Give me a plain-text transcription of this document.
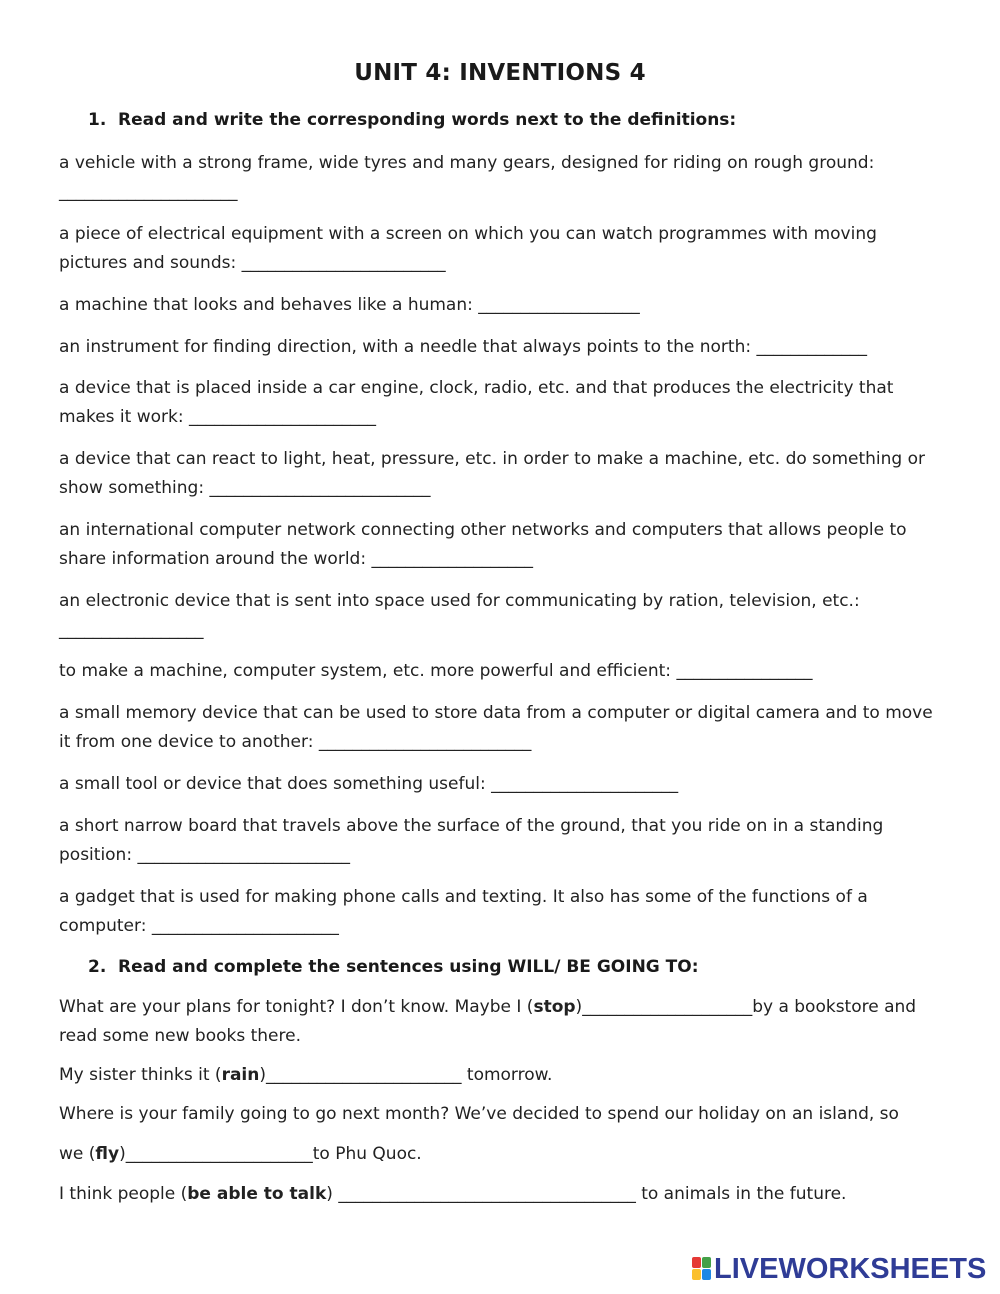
UNIT 4: INVENTIONS 4
1. Read and write the corresponding words next to the definitions:
a vehicle with a strong frame, wide tyres and many gears, designed for riding on rough ground: _____________________
a piece of electrical equipment with a screen on which you can watch programmes with moving pictures and sounds: ________________________
a machine that looks and behaves like a human: ___________________
an instrument for finding direction, with a needle that always points to the north: _____________
a device that is placed inside a car engine, clock, radio, etc. and that produces the electricity that makes it work: ______________________
a device that can react to light, heat, pressure, etc. in order to make a machine, etc. do something or show something: __________________________
an international computer network connecting other networks and computers that allows people to share information around the world: ___________________
an electronic device that is sent into space used for communicating by ration, television, etc.: _________________
to make a machine, computer system, etc. more powerful and efficient: ________________
a small memory device that can be used to store data from a computer or digital camera and to move it from one device to another: _________________________
a small tool or device that does something useful: ______________________
a short narrow board that travels above the surface of the ground, that you ride on in a standing position: _________________________
a gadget that is used for making phone calls and texting. It also has some of the functions of a computer: ______________________
2. Read and complete the sentences using WILL/ BE GOING TO:
What are your plans for tonight? I don’t know. Maybe I (stop)____________________by a bookstore and read some new books there.
My sister thinks it (rain)_______________________ tomorrow.
Where is your family going to go next month? We’ve decided to spend our holiday on an island, so
we (fly)______________________to Phu Quoc.
I think people (be able to talk) ___________________________________ to animals in the future.
LIVEWORKSHEETS
